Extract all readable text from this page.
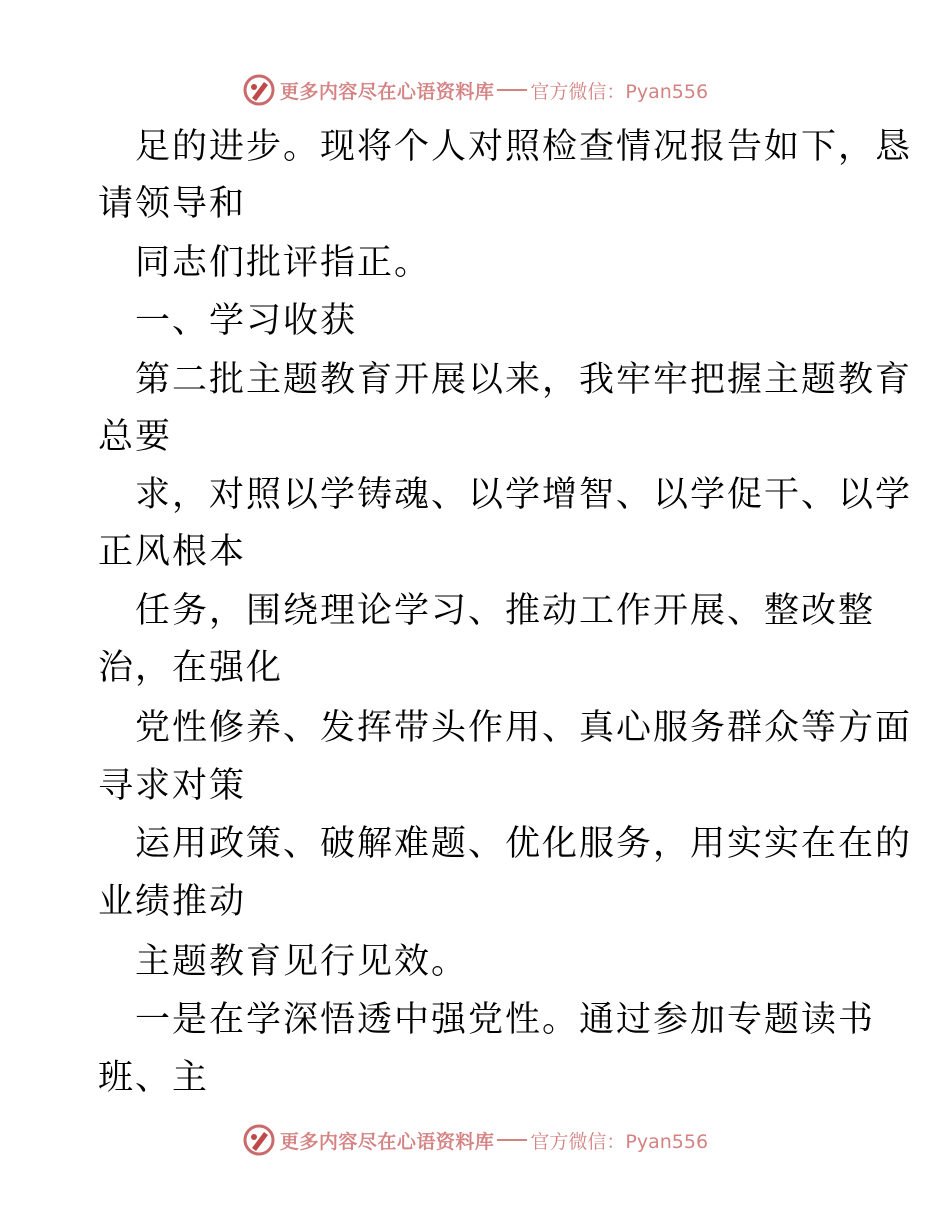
更多内容尽在心语资料库 官方微信：Pyan556
足的进步。现将个人对照检查情况报告如下，恳
请领导和
同志们批评指正。
一、学习收获
第二批主题教育开展以来，我牢牢把握主题教育
总要
求，对照以学铸魂、以学增智、以学促干、以学
正风根本
任务，围绕理论学习、推动工作开展、整改整
治，在强化
党性修养、发挥带头作用、真心服务群众等方面
寻求对策
运用政策、破解难题、优化服务，用实实在在的
业绩推动
主题教育见行见效。
一是在学深悟透中强党性。通过参加专题读书
班、主
更多内容尽在心语资料库 官方微信：Pyan556
